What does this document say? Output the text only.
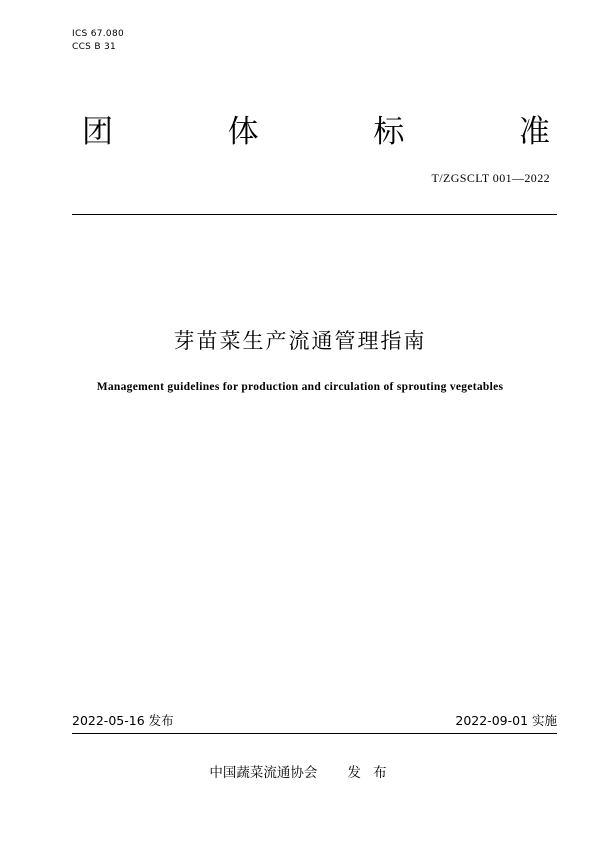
ICS 67.080
CCS B 31
团	体	标	准
T/ZGSCLT 001—2022
芽苗菜生产流通管理指南
Management guidelines for production and circulation of sprouting vegetables
2022-05-16 发布	2022-09-01 实施
中国蔬菜流通协会 发 布
